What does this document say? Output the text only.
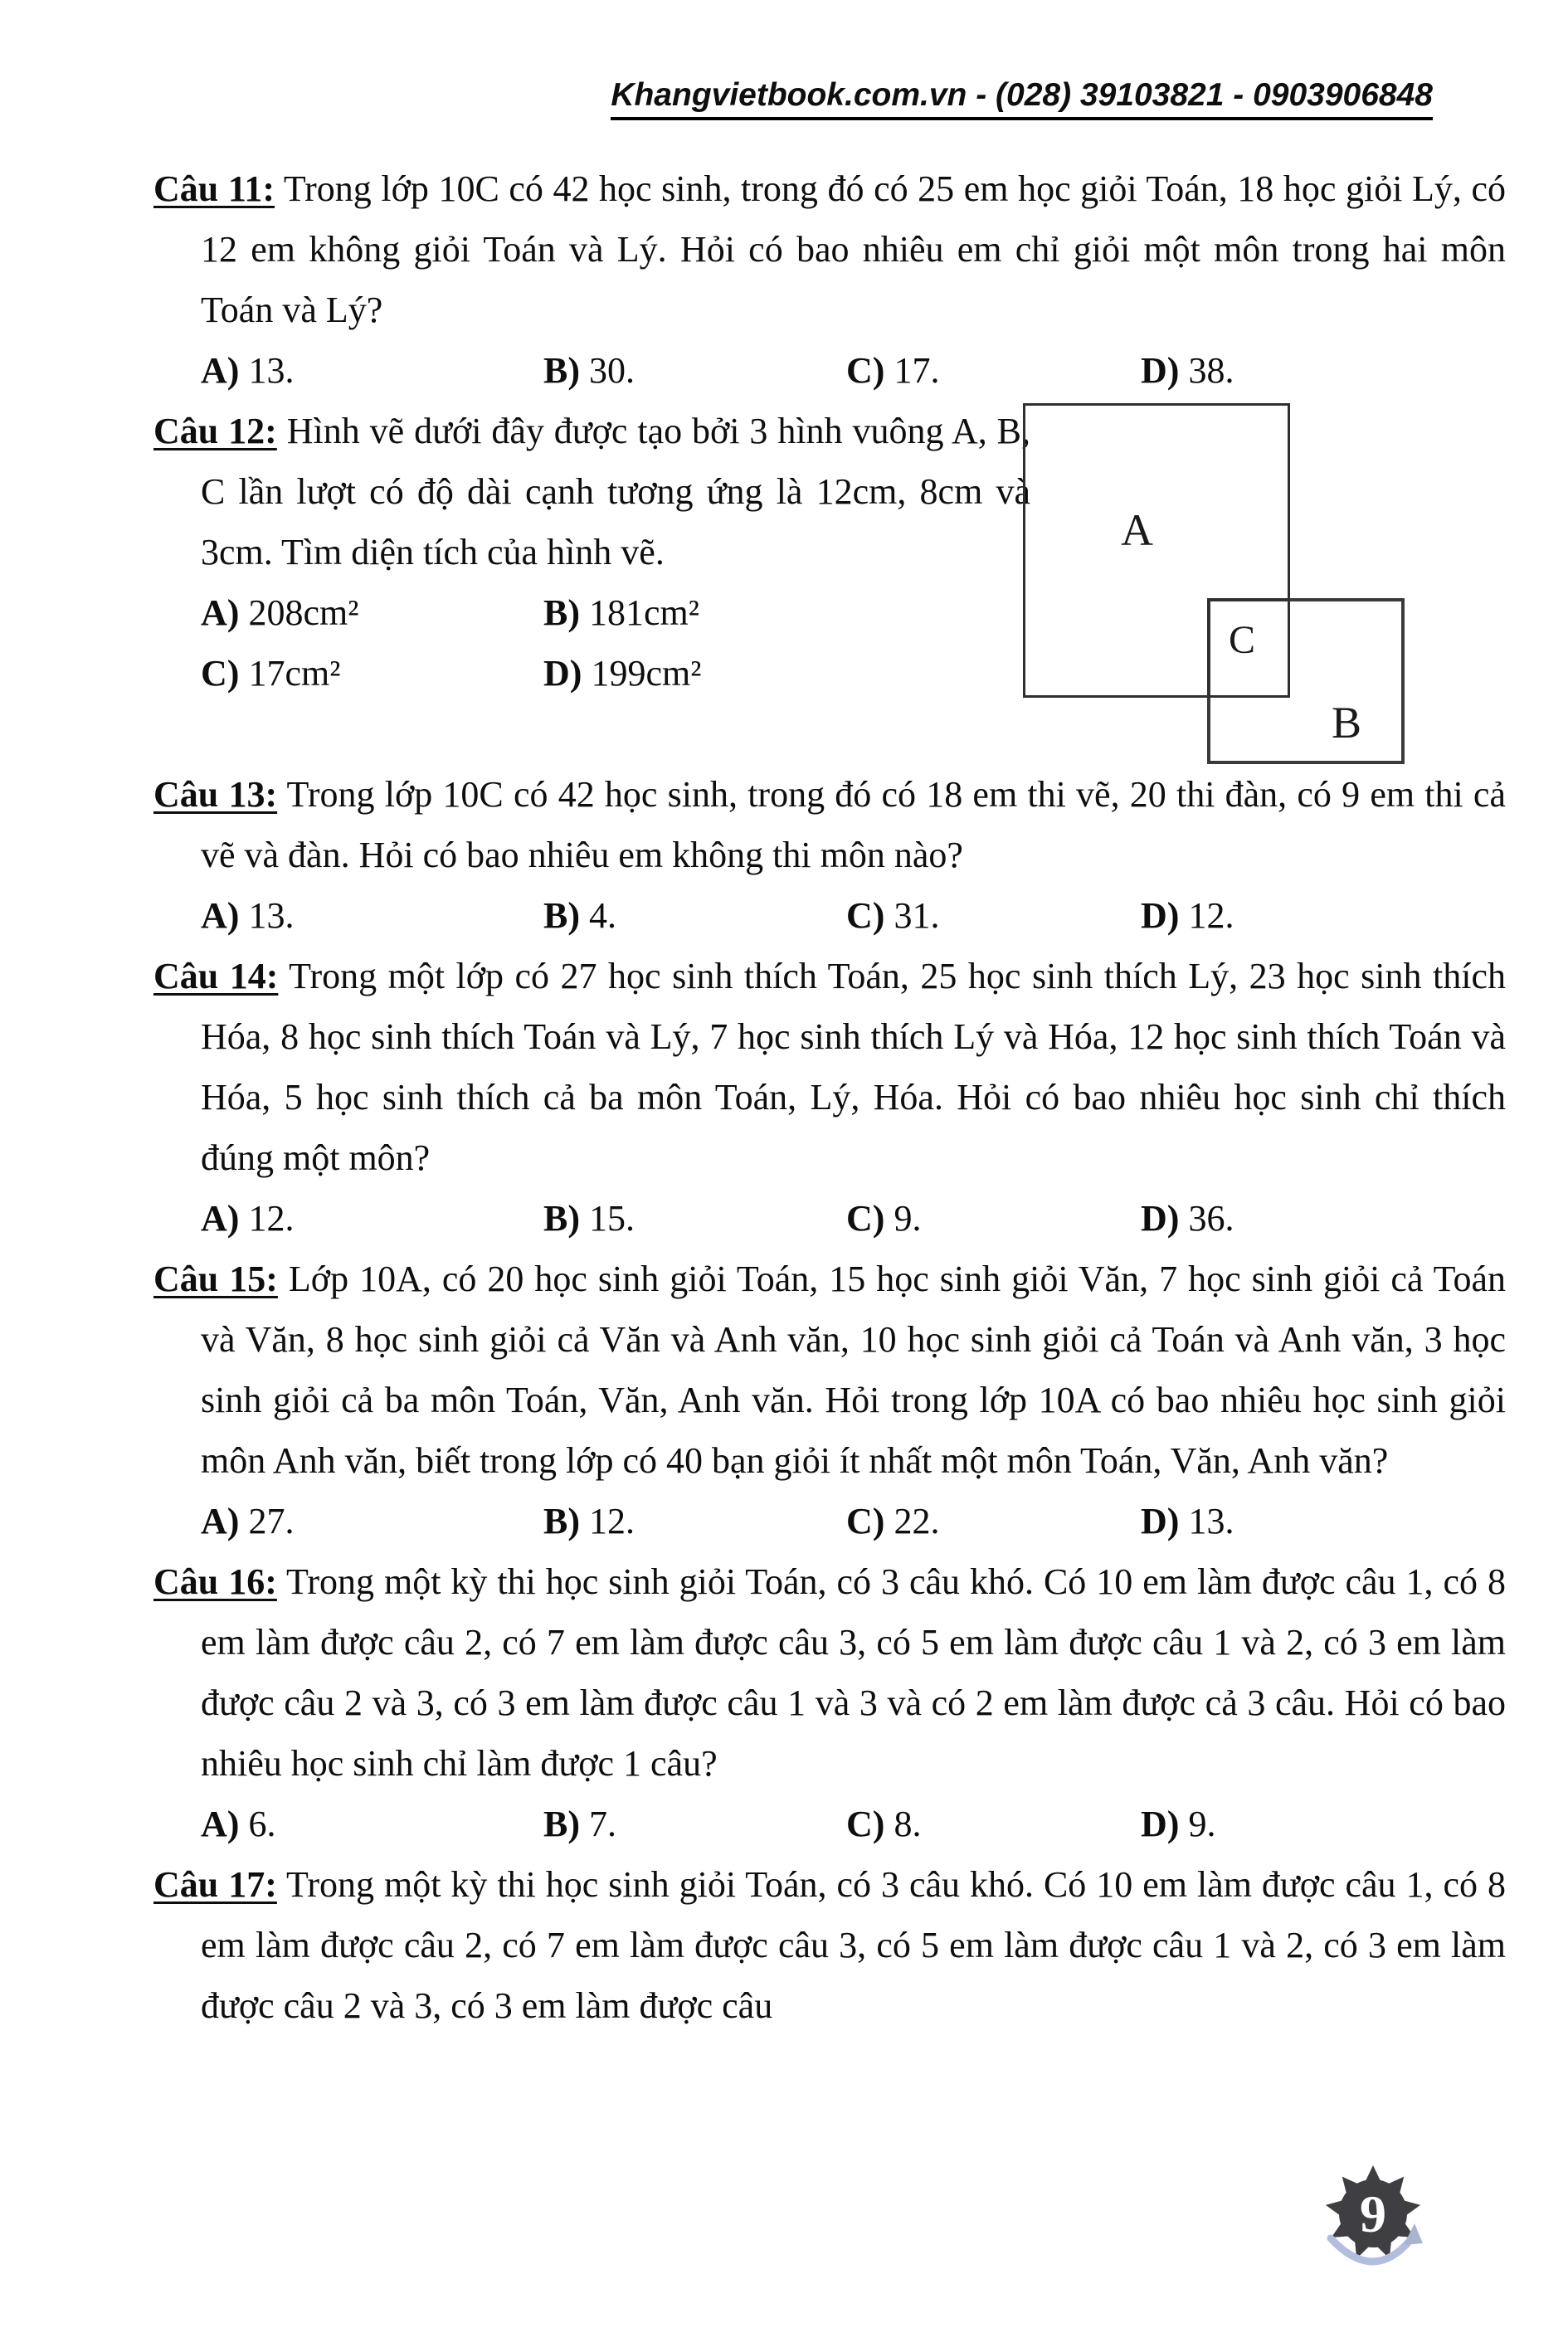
Khangvietbook.com.vn - (028) 39103821 - 0903906848

Câu 11: Trong lớp 10C có 42 học sinh, trong đó có 25 em học giỏi Toán, 18 học giỏi Lý, có 12 em không giỏi Toán và Lý. Hỏi có bao nhiêu em chỉ giỏi một môn trong hai môn Toán và Lý?

A) 13.	B) 30.	C) 17.	D) 38.

Câu 12: Hình vẽ dưới đây được tạo bởi 3 hình vuông A, B, C lần lượt có độ dài cạnh tương ứng là 12cm, 8cm và 3cm. Tìm diện tích của hình vẽ.

A) 208cm²	B) 181cm²
C) 17cm²	D) 199cm²
A
B
C

Câu 13: Trong lớp 10C có 42 học sinh, trong đó có 18 em thi vẽ, 20 thi đàn, có 9 em thi cả vẽ và đàn. Hỏi có bao nhiêu em không thi môn nào?

A) 13.	B) 4.	C) 31.	D) 12.

Câu 14: Trong một lớp có 27 học sinh thích Toán, 25 học sinh thích Lý, 23 học sinh thích Hóa, 8 học sinh thích Toán và Lý, 7 học sinh thích Lý và Hóa, 12 học sinh thích Toán và Hóa, 5 học sinh thích cả ba môn Toán, Lý, Hóa. Hỏi có bao nhiêu học sinh chỉ thích đúng một môn?

A) 12.	B) 15.	C) 9.	D) 36.

Câu 15: Lớp 10A, có 20 học sinh giỏi Toán, 15 học sinh giỏi Văn, 7 học sinh giỏi cả Toán và Văn, 8 học sinh giỏi cả Văn và Anh văn, 10 học sinh giỏi cả Toán và Anh văn, 3 học sinh giỏi cả ba môn Toán, Văn, Anh văn. Hỏi trong lớp 10A có bao nhiêu học sinh giỏi môn Anh văn, biết trong lớp có 40 bạn giỏi ít nhất một môn Toán, Văn, Anh văn?

A) 27.	B) 12.	C) 22.	D) 13.

Câu 16: Trong một kỳ thi học sinh giỏi Toán, có 3 câu khó. Có 10 em làm được câu 1, có 8 em làm được câu 2, có 7 em làm được câu 3, có 5 em làm được câu 1 và 2, có 3 em làm được câu 2 và 3, có 3 em làm được câu 1 và 3 và có 2 em làm được cả 3 câu. Hỏi có bao nhiêu học sinh chỉ làm được 1 câu?

A) 6.	B) 7.	C) 8.	D) 9.

Câu 17: Trong một kỳ thi học sinh giỏi Toán, có 3 câu khó. Có 10 em làm được câu 1, có 8 em làm được câu 2, có 7 em làm được câu 3, có 5 em làm được câu 1 và 2, có 3 em làm được câu 2 và 3, có 3 em làm được câu

9
